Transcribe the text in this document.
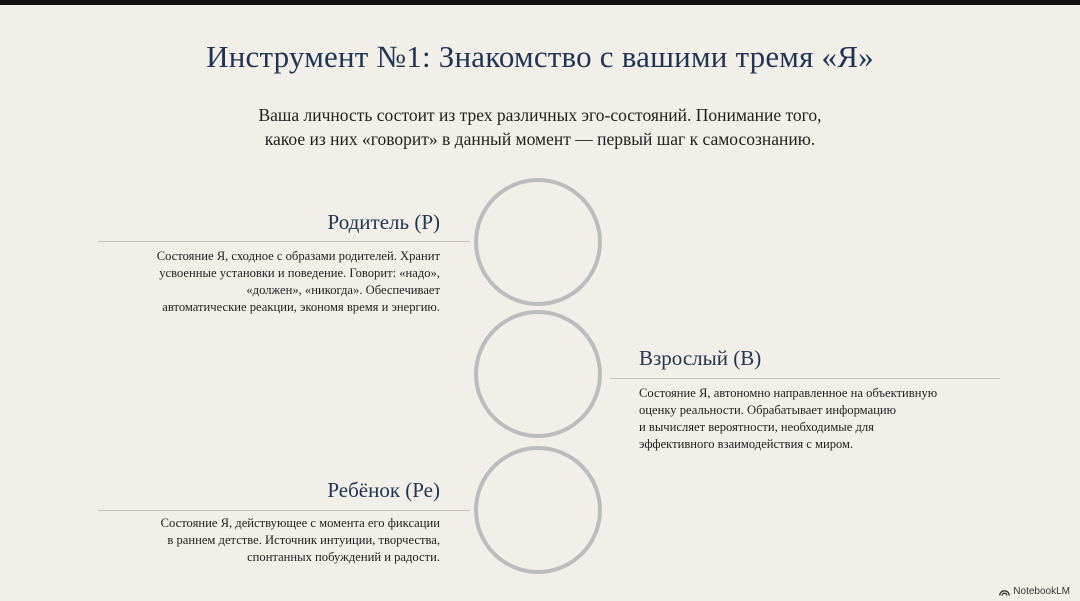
Инструмент №1: Знакомство с вашими тремя «Я»
Ваша личность состоит из трех различных эго-состояний. Понимание того,
какое из них «говорит» в данный момент — первый шаг к самосознанию.
Родитель (Р)
Состояние Я, сходное с образами родителей. Хранит
усвоенные установки и поведение. Говорит: «надо»,
«должен», «никогда». Обеспечивает
автоматические реакции, экономя время и энергию.
Взрослый (В)
Состояние Я, автономно направленное на объективную
оценку реальности. Обрабатывает информацию
и вычисляет вероятности, необходимые для
эффективного взаимодействия с миром.
Ребёнок (Ре)
Состояние Я, действующее с момента его фиксации
в раннем детстве. Источник интуиции, творчества,
спонтанных побуждений и радости.
NotebookLM
